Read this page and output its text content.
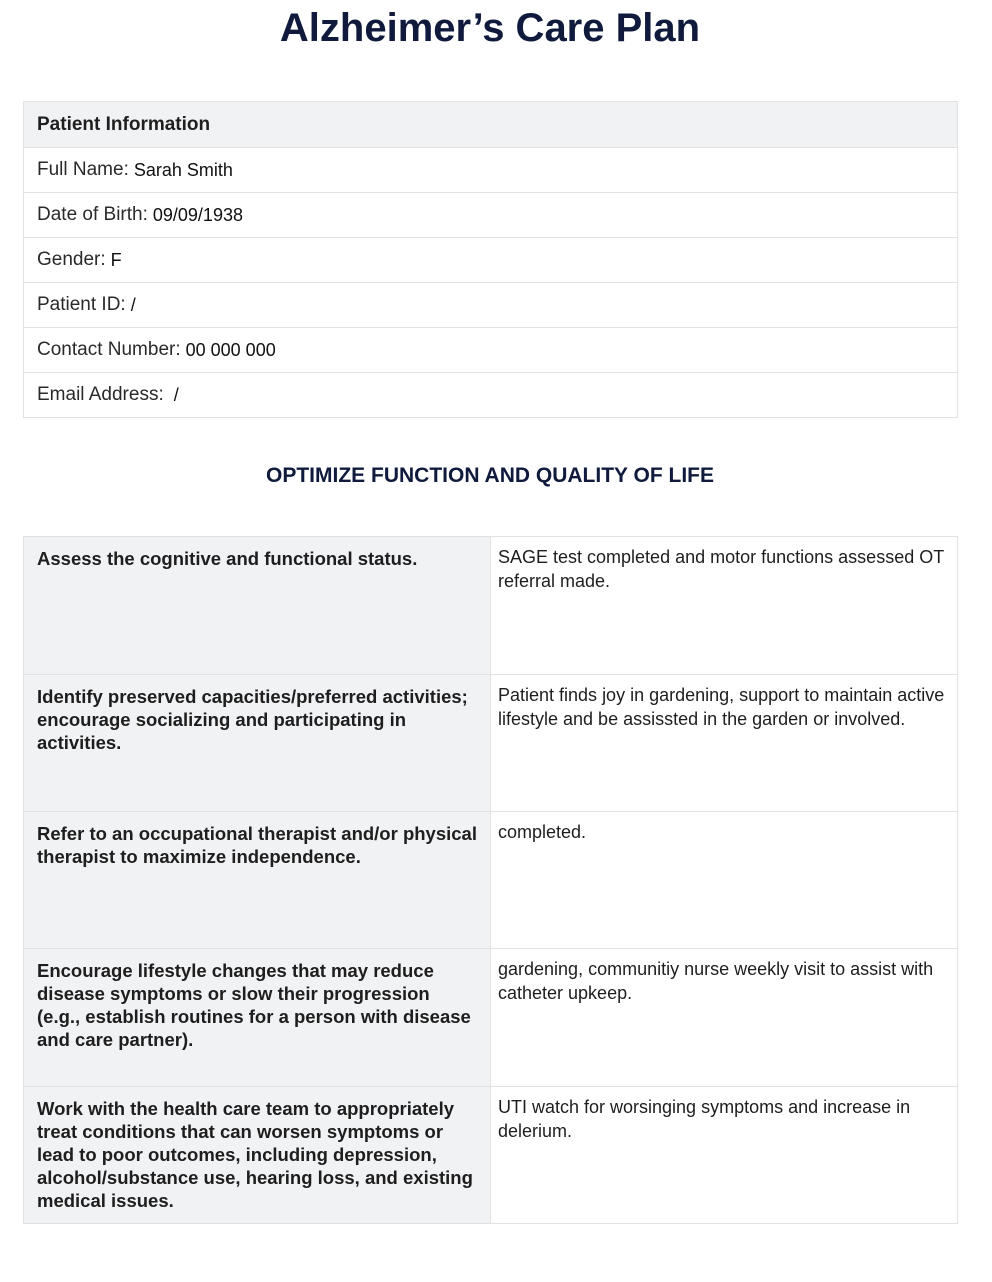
Alzheimer’s Care Plan
Patient Information
Full Name: Sarah Smith
Date of Birth: 09/09/1938
Gender: F
Patient ID: /
Contact Number: 00 000 000
Email Address: /
OPTIMIZE FUNCTION AND QUALITY OF LIFE
Assess the cognitive and functional status.	SAGE test completed and motor functions assessed OT referral made.
Identify preserved capacities/preferred activities; encourage socializing and participating in activities.
Patient finds joy in gardening, support to maintain active lifestyle and be assissted in the garden or involved.
Refer to an occupational therapist and/or physical therapist to maximize independence.
completed.
Encourage lifestyle changes that may reduce disease symptoms or slow their progression (e.g., establish routines for a person with disease and care partner).
gardening, communitiy nurse weekly visit to assist with catheter upkeep.
Work with the health care team to appropriately treat conditions that can worsen symptoms or lead to poor outcomes, including depression, alcohol/substance use, hearing loss, and existing medical issues.
UTI watch for worsinging symptoms and increase in delerium.
